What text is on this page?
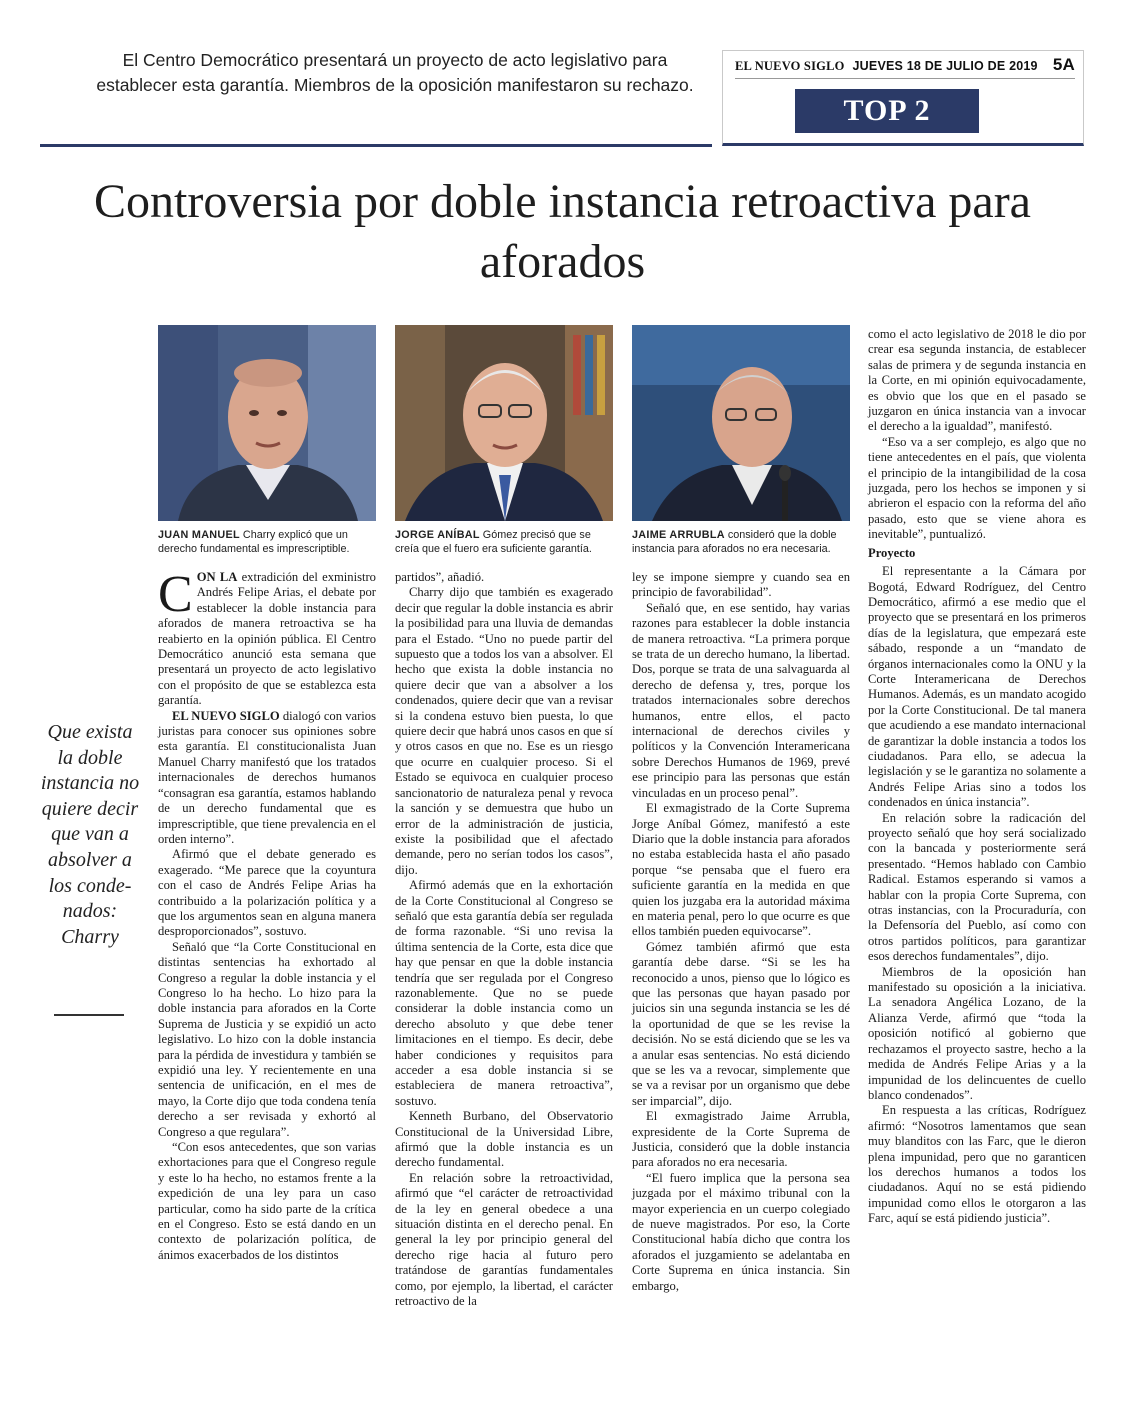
El Centro Democrático presentará un proyecto de acto legislativo para establecer esta garantía. Miembros de la oposición manifestaron su rechazo.
EL NUEVO SIGLO JUEVES 18 DE JULIO DE 2019 5A
TOP 2
Controversia por doble instancia retroactiva para aforados
JUAN MANUEL Charry explicó que un derecho fundamental es imprescriptible.
JORGE ANÍBAL Gómez precisó que se creía que el fuero era suficiente garantía.
JAIME ARRUBLA consideró que la doble instancia para aforados no era necesaria.
Que exista la doble instancia no quiere decir que van a absolver a los conde-nados: Charry

CON LA extradición del exministro Andrés Felipe Arias, el debate por establecer la doble instancia para aforados de manera retroactiva se ha reabierto en la opinión pública. El Centro Democrático anunció esta semana que presentará un proyecto de acto legislativo con el propósito de que se establezca esta garantía.

EL NUEVO SIGLO dialogó con varios juristas para conocer sus opiniones sobre esta garantía. El constitucionalista Juan Manuel Charry manifestó que los tratados internacionales de derechos humanos “consagran esa garantía, estamos hablando de un derecho fundamental que es imprescriptible, que tiene prevalencia en el orden interno”.

Afirmó que el debate generado es exagerado. “Me parece que la coyuntura con el caso de Andrés Felipe Arias ha contribuido a la polarización política y a que los argumentos sean en alguna manera desproporcionados”, sostuvo.

Señaló que “la Corte Constitucional en distintas sentencias ha exhortado al Congreso a regular la doble instancia y el Congreso lo ha hecho. Lo hizo para la doble instancia para aforados en la Corte Suprema de Justicia y se expidió un acto legislativo. Lo hizo con la doble instancia para la pérdida de investidura y también se expidió una ley. Y recientemente en una sentencia de unificación, en el mes de mayo, la Corte dijo que toda condena tenía derecho a ser revisada y exhortó al Congreso a que regulara”.

“Con esos antecedentes, que son varias exhortaciones para que el Congreso regule y este lo ha hecho, no estamos frente a la expedición de una ley para un caso particular, como ha sido parte de la crítica en el Congreso. Esto se está dando en un contexto de polarización política, de ánimos exacerbados de los distintos

partidos”, añadió.

Charry dijo que también es exagerado decir que regular la doble instancia es abrir la posibilidad para una lluvia de demandas para el Estado. “Uno no puede partir del supuesto que a todos los van a absolver. El hecho que exista la doble instancia no quiere decir que van a absolver a los condenados, quiere decir que van a revisar si la condena estuvo bien puesta, lo que quiere decir que habrá unos casos en que sí y otros casos en que no. Ese es un riesgo que ocurre en cualquier proceso. Si el Estado se equivoca en cualquier proceso sancionatorio de naturaleza penal y revoca la sanción y se demuestra que hubo un error de la administración de justicia, existe la posibilidad que el afectado demande, pero no serían todos los casos”, dijo.

Afirmó además que en la exhortación de la Corte Constitucional al Congreso se señaló que esta garantía debía ser regulada de forma razonable. “Si uno revisa la última sentencia de la Corte, esta dice que hay que pensar en que la doble instancia tendría que ser regulada por el Congreso razonablemente. Que no se puede considerar la doble instancia como un derecho absoluto y que debe tener limitaciones en el tiempo. Es decir, debe haber condiciones y requisitos para acceder a esa doble instancia si se estableciera de manera retroactiva”, sostuvo.

Kenneth Burbano, del Observatorio Constitucional de la Universidad Libre, afirmó que la doble instancia es un derecho fundamental.

En relación sobre la retroactividad, afirmó que “el carácter de retroactividad de la ley en general obedece a una situación distinta en el derecho penal. En general la ley por principio general del derecho rige hacia al futuro pero tratándose de garantías fundamentales como, por ejemplo, la libertad, el carácter retroactivo de la

ley se impone siempre y cuando sea en principio de favorabilidad”.

Señaló que, en ese sentido, hay varias razones para establecer la doble instancia de manera retroactiva. “La primera porque se trata de un derecho humano, la libertad. Dos, porque se trata de una salvaguarda al derecho de defensa y, tres, porque los tratados internacionales sobre derechos humanos, entre ellos, el pacto internacional de derechos civiles y políticos y la Convención Interamericana sobre Derechos Humanos de 1969, prevé ese principio para las personas que están vinculadas en un proceso penal”.

El exmagistrado de la Corte Suprema Jorge Aníbal Gómez, manifestó a este Diario que la doble instancia para aforados no estaba establecida hasta el año pasado porque “se pensaba que el fuero era suficiente garantía en la medida en que quien los juzgaba era la autoridad máxima en materia penal, pero lo que ocurre es que ellos también pueden equivocarse”.

Gómez también afirmó que esta garantía debe darse. “Si se les ha reconocido a unos, pienso que lo lógico es que las personas que hayan pasado por juicios sin una segunda instancia se les dé la oportunidad de que se les revise la decisión. No se está diciendo que se les va a anular esas sentencias. No está diciendo que se les va a revocar, simplemente que se va a revisar por un organismo que debe ser imparcial”, dijo.

El exmagistrado Jaime Arrubla, expresidente de la Corte Suprema de Justicia, consideró que la doble instancia para aforados no era necesaria.

“El fuero implica que la persona sea juzgada por el máximo tribunal con la mayor experiencia en un cuerpo colegiado de nueve magistrados. Por eso, la Corte Constitucional había dicho que contra los aforados el juzgamiento se adelantaba en Corte Suprema en única instancia. Sin embargo,

como el acto legislativo de 2018 le dio por crear esa segunda instancia, de establecer salas de primera y de segunda instancia en la Corte, en mi opinión equivocadamente, es obvio que los que en el pasado se juzgaron en única instancia van a invocar el derecho a la igualdad”, manifestó.

“Eso va a ser complejo, es algo que no tiene antecedentes en el país, que violenta el principio de la intangibilidad de la cosa juzgada, pero los hechos se imponen y si abrieron el espacio con la reforma del año pasado, esto que se viene ahora es inevitable”, puntualizó.

Proyecto

El representante a la Cámara por Bogotá, Edward Rodríguez, del Centro Democrático, afirmó a ese medio que el proyecto que se presentará en los primeros días de la legislatura, que empezará este sábado, responde a un “mandato de órganos internacionales como la ONU y la Corte Interamericana de Derechos Humanos. Además, es un mandato acogido por la Corte Constitucional. De tal manera que acudiendo a ese mandato internacional de garantizar la doble instancia a todos los ciudadanos. Para ello, se adecua la legislación y se le garantiza no solamente a Andrés Felipe Arias sino a todos los condenados en única instancia”.

En relación sobre la radicación del proyecto señaló que hoy será socializado con la bancada y posteriormente será presentado. “Hemos hablado con Cambio Radical. Estamos esperando si vamos a hablar con la propia Corte Suprema, con otras instancias, con la Procuraduría, con la Defensoría del Pueblo, así como con otros partidos políticos, para garantizar esos derechos fundamentales”, dijo.

Miembros de la oposición han manifestado su oposición a la iniciativa. La senadora Angélica Lozano, de la Alianza Verde, afirmó que “toda la oposición notificó al gobierno que rechazamos el proyecto sastre, hecho a la medida de Andrés Felipe Arias y a la impunidad de los delincuentes de cuello blanco condenados”.

En respuesta a las críticas, Rodríguez afirmó: “Nosotros lamentamos que sean muy blanditos con las Farc, que le dieron plena impunidad, pero que no garanticen los derechos humanos a todos los ciudadanos. Aquí no se está pidiendo impunidad como ellos le otorgaron a las Farc, aquí se está pidiendo justicia”.
